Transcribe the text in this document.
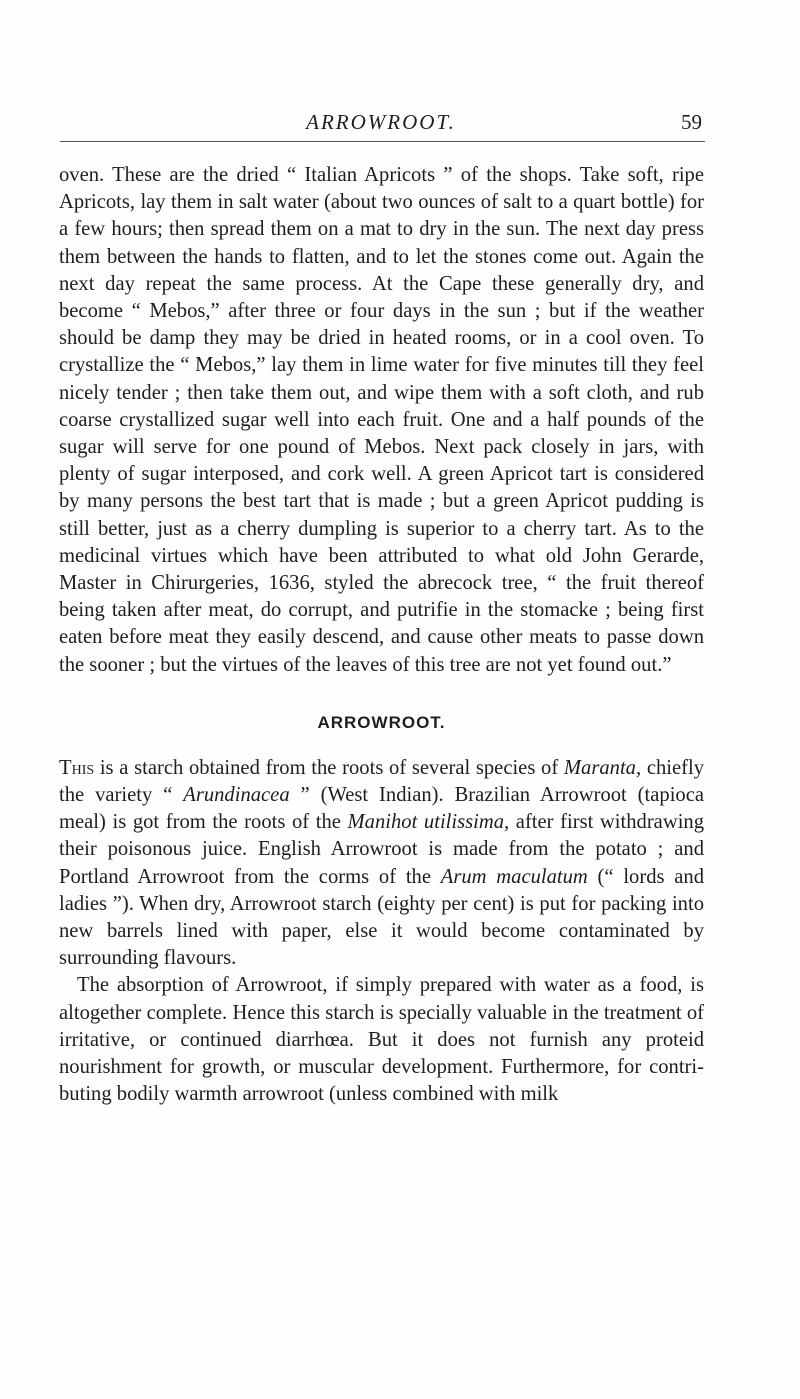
ARROWROOT.	59

oven. These are the dried “ Italian Apricots ” of the shops. Take soft, ripe Apricots, lay them in salt water (about two ounces of salt to a quart bottle) for a few hours; then spread them on a mat to dry in the sun. The next day press them between the hands to flatten, and to let the stones come out. Again the next day repeat the same process. At the Cape these generally dry, and become “ Mebos,” after three or four days in the sun ; but if the weather should be damp they may be dried in heated rooms, or in a cool oven. To crystallize the “ Mebos,” lay them in lime water for five minutes till they feel nicely tender ; then take them out, and wipe them with a soft cloth, and rub coarse crystallized sugar well into each fruit. One and a half pounds of the sugar will serve for one pound of Mebos. Next pack closely in jars, with plenty of sugar interposed, and cork well. A green Apricot tart is considered by many persons the best tart that is made ; but a green Apricot pudding is still better, just as a cherry dumpling is superior to a cherry tart. As to the medicinal virtues which have been attributed to what old John Gerarde, Master in Chirurgeries, 1636, styled the abrecock tree, “ the fruit thereof being taken after meat, do corrupt, and putrifie in the stomacke ; being first eaten before meat they easily descend, and cause other meats to passe down the sooner ; but the virtues of the leaves of this tree are not yet found out.”

ARROWROOT.

This is a starch obtained from the roots of several species of Maranta, chiefly the variety “ Arundinacea ” (West Indian). Brazilian Arrowroot (tapioca meal) is got from the roots of the Manihot utilissima, after first withdrawing their poisonous juice. English Arrowroot is made from the potato ; and Portland Arrowroot from the corms of the Arum maculatum (“ lords and ladies ”). When dry, Arrowroot starch (eighty per cent) is put for packing into new barrels lined with paper, else it would become contaminated by surrounding flavours.

The absorption of Arrowroot, if simply prepared with water as a food, is altogether complete. Hence this starch is specially valuable in the treatment of irritative, or continued diarrhœa. But it does not furnish any proteid nourishment for growth, or muscular development. Furthermore, for contri- buting bodily warmth arrowroot (unless combined with milk
